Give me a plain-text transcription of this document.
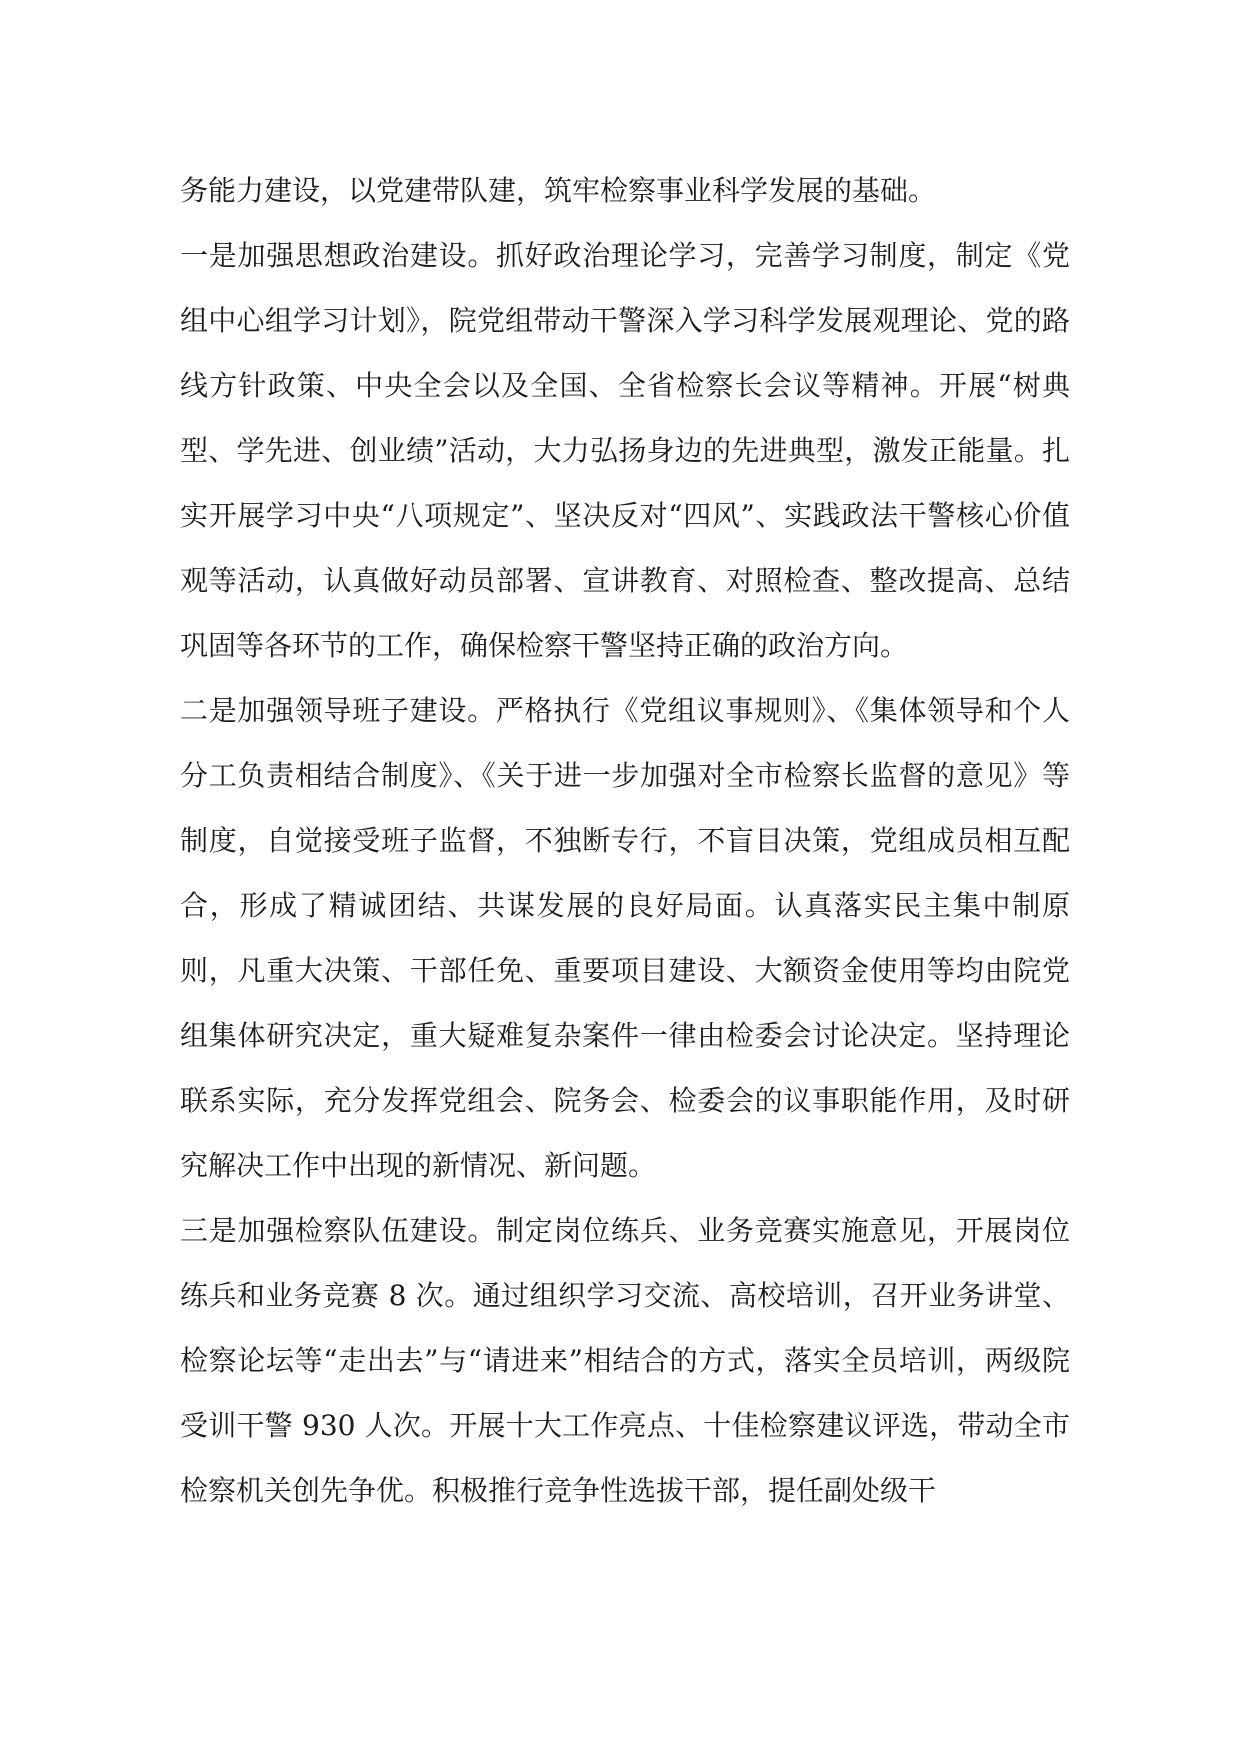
务能力建设，以党建带队建，筑牢检察事业科学发展的基础。

一是加强思想政治建设。抓好政治理论学习，完善学习制度，制定《党组中心组学习计划》，院党组带动干警深入学习科学发展观理论、党的路线方针政策、中央全会以及全国、全省检察长会议等精神。开展“树典型、学先进、创业绩”活动，大力弘扬身边的先进典型，激发正能量。扎实开展学习中央“八项规定”、坚决反对“四风”、实践政法干警核心价值观等活动，认真做好动员部署、宣讲教育、对照检查、整改提高、总结巩固等各环节的工作，确保检察干警坚持正确的政治方向。

二是加强领导班子建设。严格执行《党组议事规则》、《集体领导和个人分工负责相结合制度》、《关于进一步加强对全市检察长监督的意见》等制度，自觉接受班子监督，不独断专行，不盲目决策，党组成员相互配合，形成了精诚团结、共谋发展的良好局面。认真落实民主集中制原则，凡重大决策、干部任免、重要项目建设、大额资金使用等均由院党组集体研究决定，重大疑难复杂案件一律由检委会讨论决定。坚持理论联系实际，充分发挥党组会、院务会、检委会的议事职能作用，及时研究解决工作中出现的新情况、新问题。

三是加强检察队伍建设。制定岗位练兵、业务竞赛实施意见，开展岗位练兵和业务竞赛 8 次。通过组织学习交流、高校培训，召开业务讲堂、检察论坛等“走出去”与“请进来”相结合的方式，落实全员培训，两级院受训干警 930 人次。开展十大工作亮点、十佳检察建议评选，带动全市检察机关创先争优。积极推行竞争性选拔干部，提任副处级干
